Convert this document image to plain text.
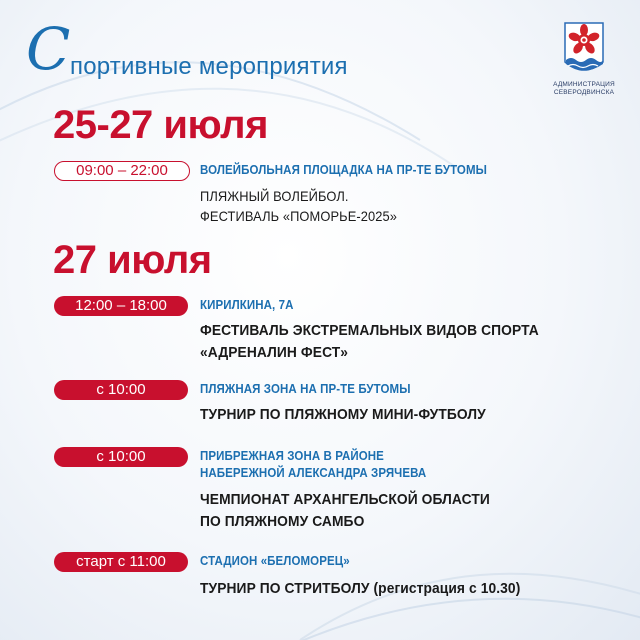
С портивные мероприятия
АДМИНИСТРАЦИЯ
СЕВЕРОДВИНСКА
25-27 июля
09:00 – 22:00	ВОЛЕЙБОЛЬНАЯ ПЛОЩАДКА НА ПР-ТЕ БУТОМЫ
ПЛЯЖНЫЙ ВОЛЕЙБОЛ.
ФЕСТИВАЛЬ «ПОМОРЬЕ-2025»
27 июля
12:00 – 18:00	КИРИЛКИНА, 7А
ФЕСТИВАЛЬ ЭКСТРЕМАЛЬНЫХ ВИДОВ СПОРТА
«АДРЕНАЛИН ФЕСТ»
с 10:00	ПЛЯЖНАЯ ЗОНА НА ПР-ТЕ БУТОМЫ
ТУРНИР ПО ПЛЯЖНОМУ МИНИ-ФУТБОЛУ
с 10:00	ПРИБРЕЖНАЯ ЗОНА В РАЙОНЕ
НАБЕРЕЖНОЙ АЛЕКСАНДРА ЗРЯЧЕВА
ЧЕМПИОНАТ АРХАНГЕЛЬСКОЙ ОБЛАСТИ
ПО ПЛЯЖНОМУ САМБО
старт с 11:00	СТАДИОН «БЕЛОМОРЕЦ»
ТУРНИР ПО СТРИТБОЛУ (регистрация с 10.30)
